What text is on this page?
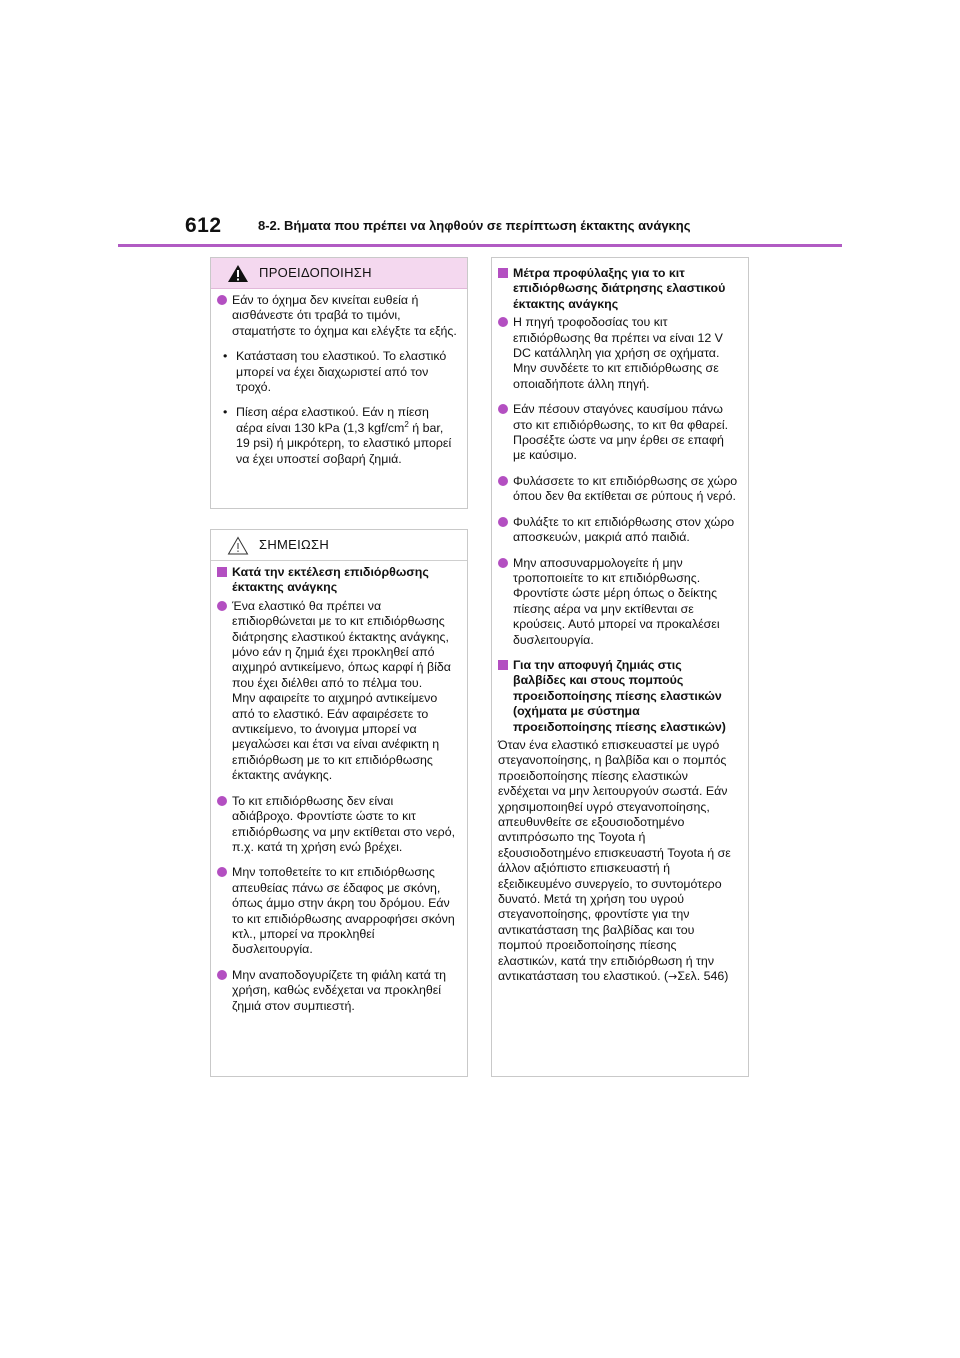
612	8-2. Βήματα που πρέπει να ληφθούν σε περίπτωση έκτακτης ανάγκης
ΠΡΟΕΙΔΟΠΟΙΗΣΗ

Εάν το όχημα δεν κινείται ευθεία ή αισθάνεστε ότι τραβά το τιμόνι, σταματήστε το όχημα και ελέγξτε τα εξής.

• Κατάσταση του ελαστικού. Το ελαστικό μπορεί να έχει διαχωριστεί από τον τροχό.

• Πίεση αέρα ελαστικού. Εάν η πίεση αέρα είναι 130 kPa (1,3 kgf/$cm^2$ ή bar, 19 psi) ή μικρότερη, το ελαστικό μπορεί να έχει υποστεί σοβαρή ζημιά.

ΣΗΜΕΙΩΣΗ

Κατά την εκτέλεση επιδιόρθωσης έκτακτης ανάγκης

Ένα ελαστικό θα πρέπει να επιδιορθώνεται με το κιτ επιδιόρθωσης διάτρησης ελαστικού έκτακτης ανάγκης, μόνο εάν η ζημιά έχει προκληθεί από αιχμηρό αντικείμενο, όπως καρφί ή βίδα που έχει διέλθει από το πέλμα του.

Μην αφαιρείτε το αιχμηρό αντικείμενο από το ελαστικό. Εάν αφαιρέσετε το αντικείμενο, το άνοιγμα μπορεί να μεγαλώσει και έτσι να είναι ανέφικτη η επιδιόρθωση με το κιτ επιδιόρθωσης έκτακτης ανάγκης.

Το κιτ επιδιόρθωσης δεν είναι αδιάβροχο. Φροντίστε ώστε το κιτ επιδιόρθωσης να μην εκτίθεται στο νερό, π.χ. κατά τη χρήση ενώ βρέχει.

Μην τοποθετείτε το κιτ επιδιόρθωσης απευθείας πάνω σε έδαφος με σκόνη, όπως άμμο στην άκρη του δρόμου. Εάν το κιτ επιδιόρθωσης αναρροφήσει σκόνη κτλ., μπορεί να προκληθεί δυσλειτουργία.

Μην αναποδογυρίζετε τη φιάλη κατά τη χρήση, καθώς ενδέχεται να προκληθεί ζημιά στον συμπιεστή.

Μέτρα προφύλαξης για το κιτ επιδιόρθωσης διάτρησης ελαστικού έκτακτης ανάγκης

Η πηγή τροφοδοσίας του κιτ επιδιόρθωσης θα πρέπει να είναι 12 V DC κατάλληλη για χρήση σε οχήματα. Μην συνδέετε το κιτ επιδιόρθωσης σε οποιαδήποτε άλλη πηγή.

Εάν πέσουν σταγόνες καυσίμου πάνω στο κιτ επιδιόρθωσης, το κιτ θα φθαρεί. Προσέξτε ώστε να μην έρθει σε επαφή με καύσιμο.

Φυλάσσετε το κιτ επιδιόρθωσης σε χώρο όπου δεν θα εκτίθεται σε ρύπους ή νερό.

Φυλάξτε το κιτ επιδιόρθωσης στον χώρο αποσκευών, μακριά από παιδιά.

Μην αποσυναρμολογείτε ή μην τροποποιείτε το κιτ επιδιόρθωσης. Φροντίστε ώστε μέρη όπως ο δείκτης πίεσης αέρα να μην εκτίθενται σε κρούσεις. Αυτό μπορεί να προκαλέσει δυσλειτουργία.

Για την αποφυγή ζημιάς στις βαλβίδες και στους πομπούς προειδοποίησης πίεσης ελαστικών (οχήματα με σύστημα προειδοποίησης πίεσης ελαστικών)

Όταν ένα ελαστικό επισκευαστεί με υγρό στεγανοποίησης, η βαλβίδα και ο πομπός προειδοποίησης πίεσης ελαστικών ενδέχεται να μην λειτουργούν σωστά. Εάν χρησιμοποιηθεί υγρό στεγανοποίησης, απευθυνθείτε σε εξουσιοδοτημένο αντιπρόσωπο της Toyota ή εξουσιοδοτημένο επισκευαστή Toyota ή σε άλλον αξιόπιστο επισκευαστή ή εξειδικευμένο συνεργείο, το συντομότερο δυνατό. Μετά τη χρήση του υγρού στεγανοποίησης, φροντίστε για την αντικατάσταση της βαλβίδας και του πομπού προειδοποίησης πίεσης ελαστικών, κατά την επιδιόρθωση ή την αντικατάσταση του ελαστικού. (→Σελ. 546)
